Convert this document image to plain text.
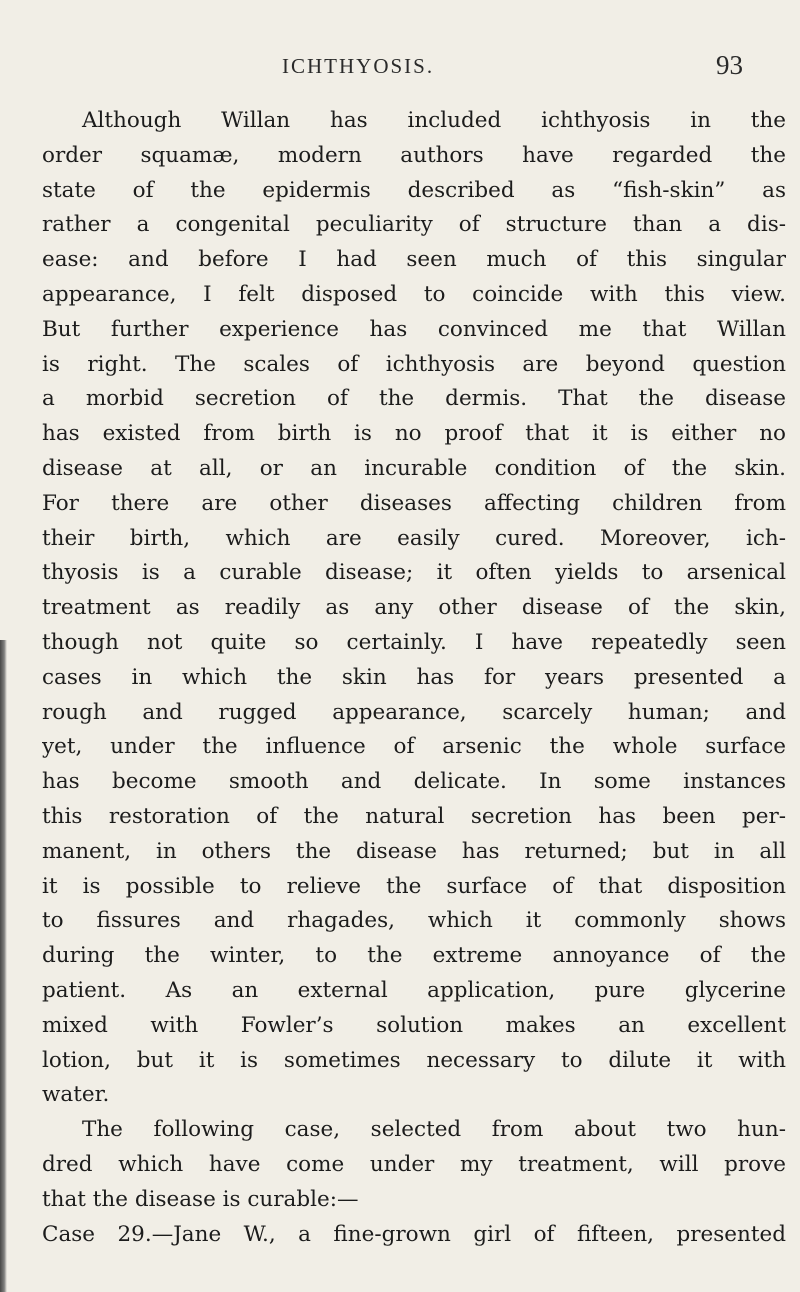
ICHTHYOSIS.	93
Although Willan has included ichthyosis in the
order squamæ, modern authors have regarded the
state of the epidermis described as “fish-skin” as
rather a congenital peculiarity of structure than a dis-
ease: and before I had seen much of this singular
appearance, I felt disposed to coincide with this view.
But further experience has convinced me that Willan
is right. The scales of ichthyosis are beyond question
a morbid secretion of the dermis. That the disease
has existed from birth is no proof that it is either no
disease at all, or an incurable condition of the skin.
For there are other diseases affecting children from
their birth, which are easily cured. Moreover, ich-
thyosis is a curable disease; it often yields to arsenical
treatment as readily as any other disease of the skin,
though not quite so certainly. I have repeatedly seen
cases in which the skin has for years presented a
rough and rugged appearance, scarcely human; and
yet, under the influence of arsenic the whole surface
has become smooth and delicate. In some instances
this restoration of the natural secretion has been per-
manent, in others the disease has returned; but in all
it is possible to relieve the surface of that disposition
to fissures and rhagades, which it commonly shows
during the winter, to the extreme annoyance of the
patient. As an external application, pure glycerine
mixed with Fowler’s solution makes an excellent
lotion, but it is sometimes necessary to dilute it with
water.
The following case, selected from about two hun-
dred which have come under my treatment, will prove
that the disease is curable:—
Case 29.—Jane W., a fine-grown girl of fifteen, presented
